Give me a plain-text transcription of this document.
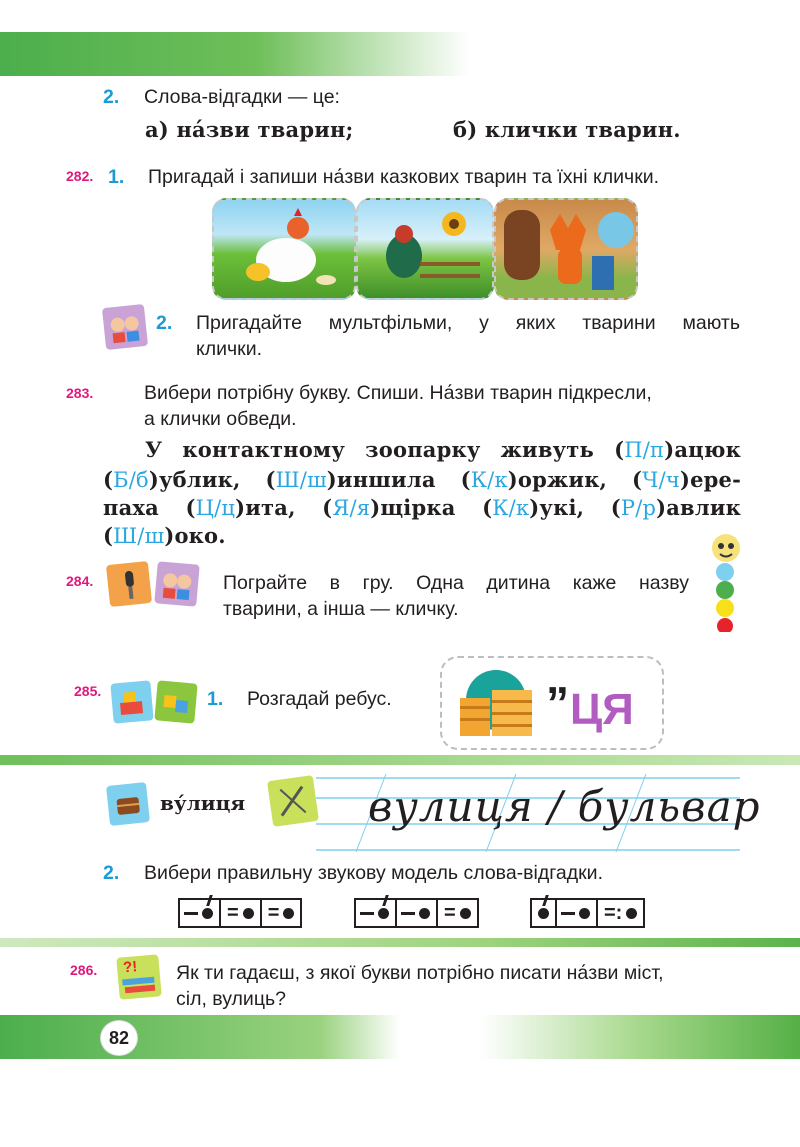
82
2. Слова-відгадки — це:
а) на́зви тварин;	б) клички тварин.
282. 1. Пригадай і запиши на́зви казкових тварин та їхні клички.
2. Пригадайте мультфільми, у яких тварини мають
клички.
283.	Вибери потрібну букву. Спиши. На́зви тварин підкресли,
а клички обведи.
У контактному зоопарку живуть (П/п)ацюк
(Б/б)ублик, (Ш/ш)иншила (К/к)оржик, (Ч/ч)ере-
паха (Ц/ц)ита, (Я/я)щірка (К/к)укі, (Р/р)авлик
(Ш/ш)око.
284.	Пограйте в гру. Одна дитина каже назву
тварини, а інша — кличку.
285.	1. Розгадай ребус.	„
ЦЯ
ву́лиця	вулиця / бульвар
2. Вибери правильну звукову модель слова-відгадки.
= =	=	=:
286. ?! Як ти гадаєш, з якої букви потрібно писати на́зви міст,
сіл, вулиць?
